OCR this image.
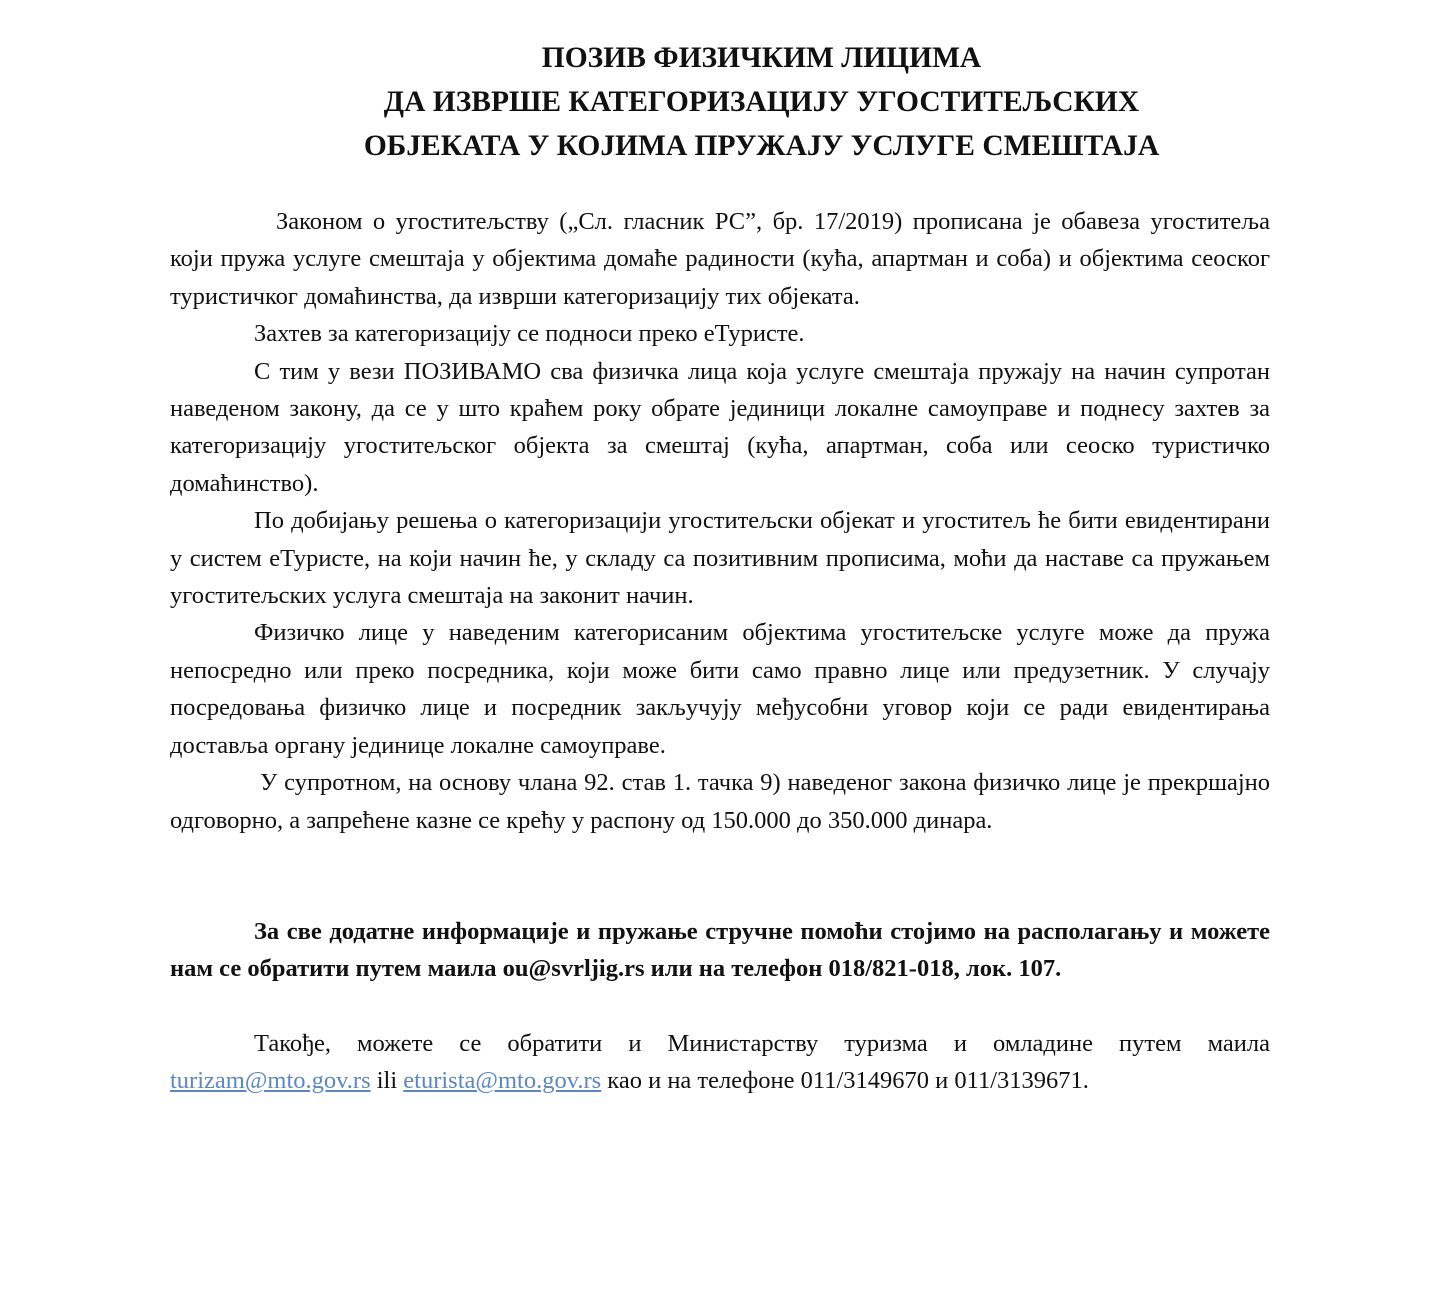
ПОЗИВ ФИЗИЧКИМ ЛИЦИМА
ДА ИЗВРШЕ КАТЕГОРИЗАЦИЈУ УГОСТИТЕЉСКИХ
ОБЈЕКАТА У КОЈИМА ПРУЖАЈУ УСЛУГЕ СМЕШТАЈА

Законом о угоститељству („Сл. гласник РС”, бр. 17/2019) прописана је обавеза угоститеља који пружа услуге смештаја у објектима домаће радиности (кућа, апартман и соба) и објектима сеоског туристичког домаћинства, да изврши категоризацију тих објеката.

Захтев за категоризацију се подноси преко еТуристе.

С тим у вези ПОЗИВАМО сва физичка лица која услуге смештаја пружају на начин супротан наведеном закону, да се у што краћем року обрате јединици локалне самоуправе и поднесу захтев за категоризацију угоститељског објекта за смештај (кућа, апартман, соба или сеоско туристичко домаћинство).

По добијању решења о категоризацији угоститељски објекат и угоститељ ће бити евидентирани у систем еТуристе, на који начин ће, у складу са позитивним прописима, моћи да наставе са пружањем угоститељских услуга смештаја на законит начин.

Физичко лице у наведеним категорисаним објектима угоститељске услуге може да пружа непосредно или преко посредника, који може бити само правно лице или предузетник. У случају посредовања физичко лице и посредник закључују међусобни уговор који се ради евидентирања доставља органу јединице локалне самоуправе.

У супротном, на основу члана 92. став 1. тачка 9) наведеног закона физичко лице је прекршајно одговорно, а запрећене казне се крећу у распону од 150.000 до 350.000 динара.

За све додатне информације и пружање стручне помоћи стојимо на располагању и можете нам се обратити путем маила ou@svrljig.rs или на телефон 018/821-018, лок. 107.

Такође, можете се обратити и Министарству туризма и омладине путем маила turizam@mto.gov.rs ili eturista@mto.gov.rs као и на телефоне 011/3149670 и 011/3139671.
